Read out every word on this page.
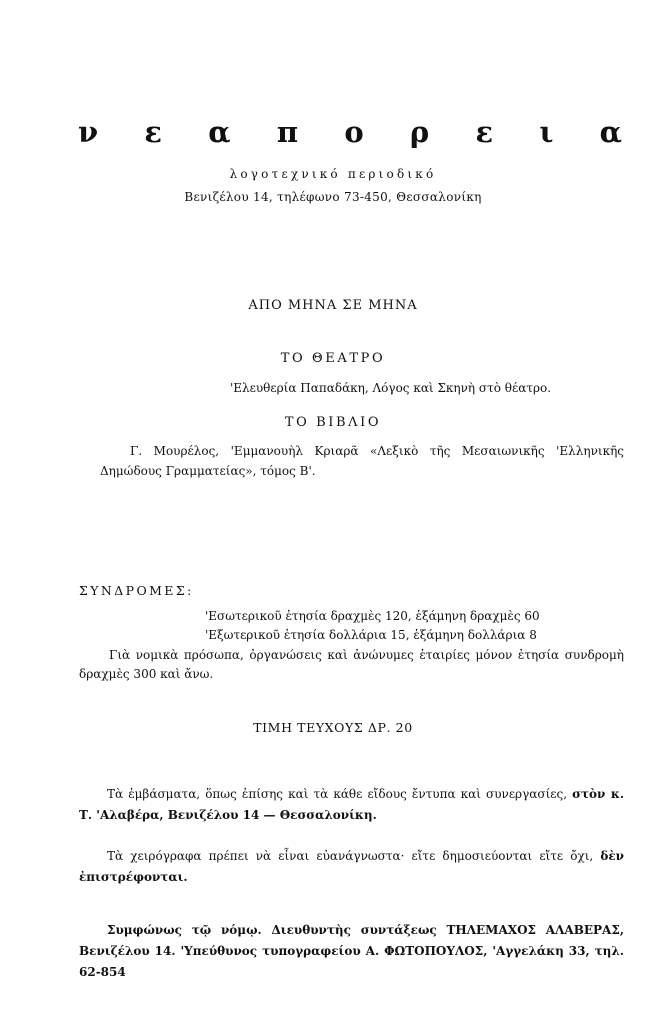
ν ε α π ο ρ ε ι α
λογοτεχνικό περιοδικό
Βενιζέλου 14, τηλέφωνο 73-450, Θεσσαλονίκη
ΑΠΟ ΜΗΝΑ ΣΕ ΜΗΝΑ
ΤΟ ΘΕΑΤΡΟ
'Ελευθερία Παπαδάκη, Λόγος καὶ Σκηνὴ στὸ θέατρο.
ΤΟ ΒΙΒΛΙΟ
Γ. Μουρέλος, 'Εμμανουὴλ Κριαρᾶ «Λεξικὸ τῆς Μεσαιωνικῆς 'Ελληνικῆς Δημώδους Γραμματείας», τόμος Β'.
ΣΥΝΔΡΟΜΕΣ:
'Εσωτερικοῦ ἐτησία δραχμὲς 120, ἑξάμηνη δραχμὲς 60
'Εξωτερικοῦ ἐτησία δολλάρια 15, ἑξάμηνη δολλάρια 8
Γιὰ νομικὰ πρόσωπα, ὀργανώσεις καὶ ἀνώνυμες ἑταιρίες μόνον ἐτησία συνδρομὴ δραχμὲς 300 καὶ ἄνω.
ΤΙΜΗ ΤΕΥΧΟΥΣ ΔΡ. 20
Τὰ ἐμβάσματα, ὅπως ἐπίσης καὶ τὰ κάθε εἴδους ἔντυπα καὶ συνεργασίες, στὸν κ. Τ. 'Αλαβέρα, Βενιζέλου 14 — Θεσσαλονίκη.
Τὰ χειρόγραφα πρέπει νὰ εἶναι εὐανάγνωστα· εἴτε δημοσιεύονται εἴτε ὄχι, δὲν ἐπιστρέφονται.
Συμφώνως τῷ νόμῳ. Διευθυντὴς συντάξεως ΤΗΛΕΜΑΧΟΣ ΑΛΑΒΕΡΑΣ, Βενιζέλου 14. 'Υπεύθυνος τυπογραφείου Α. ΦΩΤΟΠΟΥΛΟΣ, 'Αγγελάκη 33, τηλ. 62-854
